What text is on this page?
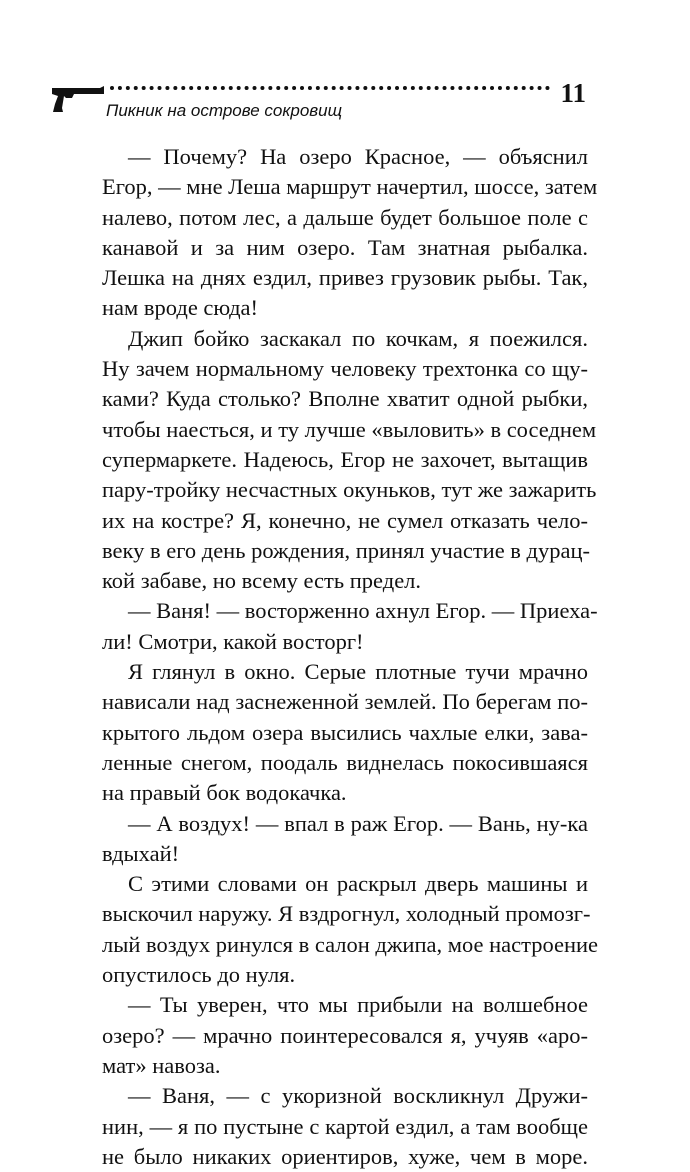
11
Пикник на острове сокровищ
— Почему? На озеро Красное, — объяснил
Егор, — мне Леша маршрут начертил, шоссе, затем
налево, потом лес, а дальше будет большое поле с
канавой и за ним озеро. Там знатная рыбалка.
Лешка на днях ездил, привез грузовик рыбы. Так,
нам вроде сюда!
Джип бойко заскакал по кочкам, я поежился.
Ну зачем нормальному человеку трехтонка со щу-
ками? Куда столько? Вполне хватит одной рыбки,
чтобы наесться, и ту лучше «выловить» в соседнем
супермаркете. Надеюсь, Егор не захочет, вытащив
пару-тройку несчастных окуньков, тут же зажарить
их на костре? Я, конечно, не сумел отказать чело-
веку в его день рождения, принял участие в дурац-
кой забаве, но всему есть предел.
— Ваня! — восторженно ахнул Егор. — Приеха-
ли! Смотри, какой восторг!
Я глянул в окно. Серые плотные тучи мрачно
нависали над заснеженной землей. По берегам по-
крытого льдом озера высились чахлые елки, зава-
ленные снегом, поодаль виднелась покосившаяся
на правый бок водокачка.
— А воздух! — впал в раж Егор. — Вань, ну-ка
вдыхай!
С этими словами он раскрыл дверь машины и
выскочил наружу. Я вздрогнул, холодный промозг-
лый воздух ринулся в салон джипа, мое настроение
опустилось до нуля.
— Ты уверен, что мы прибыли на волшебное
озеро? — мрачно поинтересовался я, учуяв «аро-
мат» навоза.
— Ваня, — с укоризной воскликнул Дружи-
нин, — я по пустыне с картой ездил, а там вообще
не было никаких ориентиров, хуже, чем в море.
